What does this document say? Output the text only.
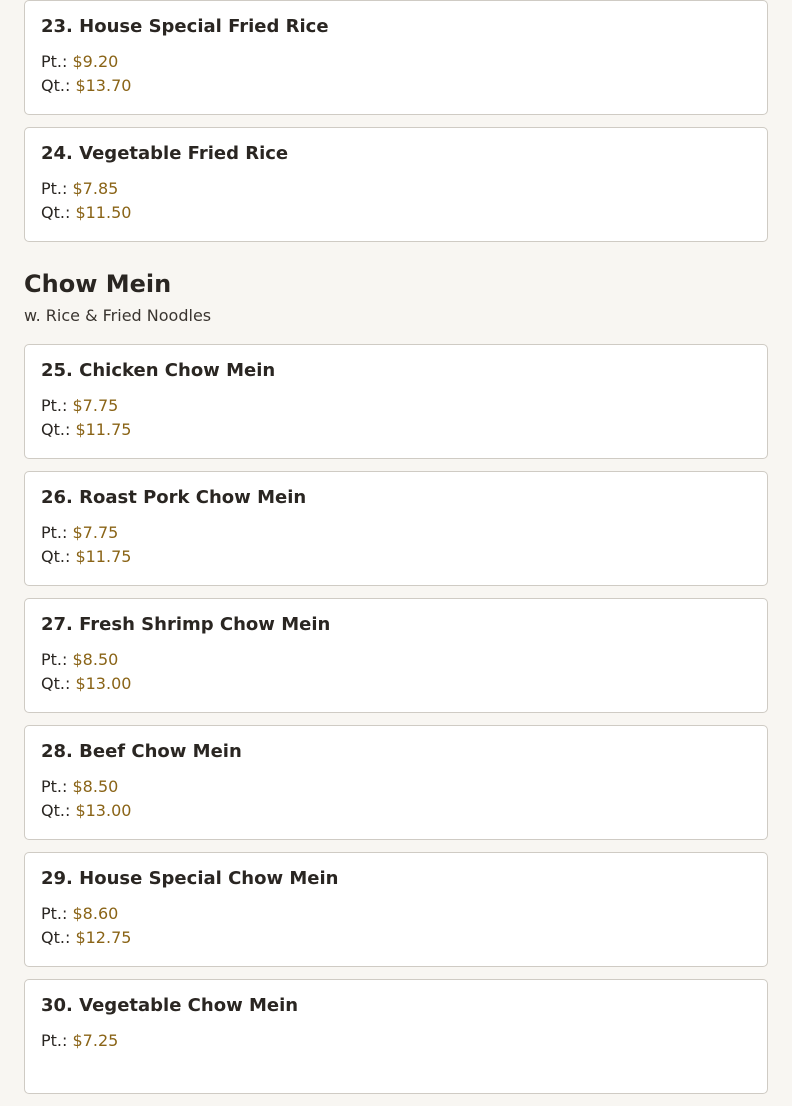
23. House Special Fried Rice
Pt.: $9.20
Qt.: $13.70
24. Vegetable Fried Rice
Pt.: $7.85
Qt.: $11.50
Chow Mein
w. Rice & Fried Noodles
25. Chicken Chow Mein
Pt.: $7.75
Qt.: $11.75
26. Roast Pork Chow Mein
Pt.: $7.75
Qt.: $11.75
27. Fresh Shrimp Chow Mein
Pt.: $8.50
Qt.: $13.00
28. Beef Chow Mein
Pt.: $8.50
Qt.: $13.00
29. House Special Chow Mein
Pt.: $8.60
Qt.: $12.75
30. Vegetable Chow Mein
Pt.: $7.25
